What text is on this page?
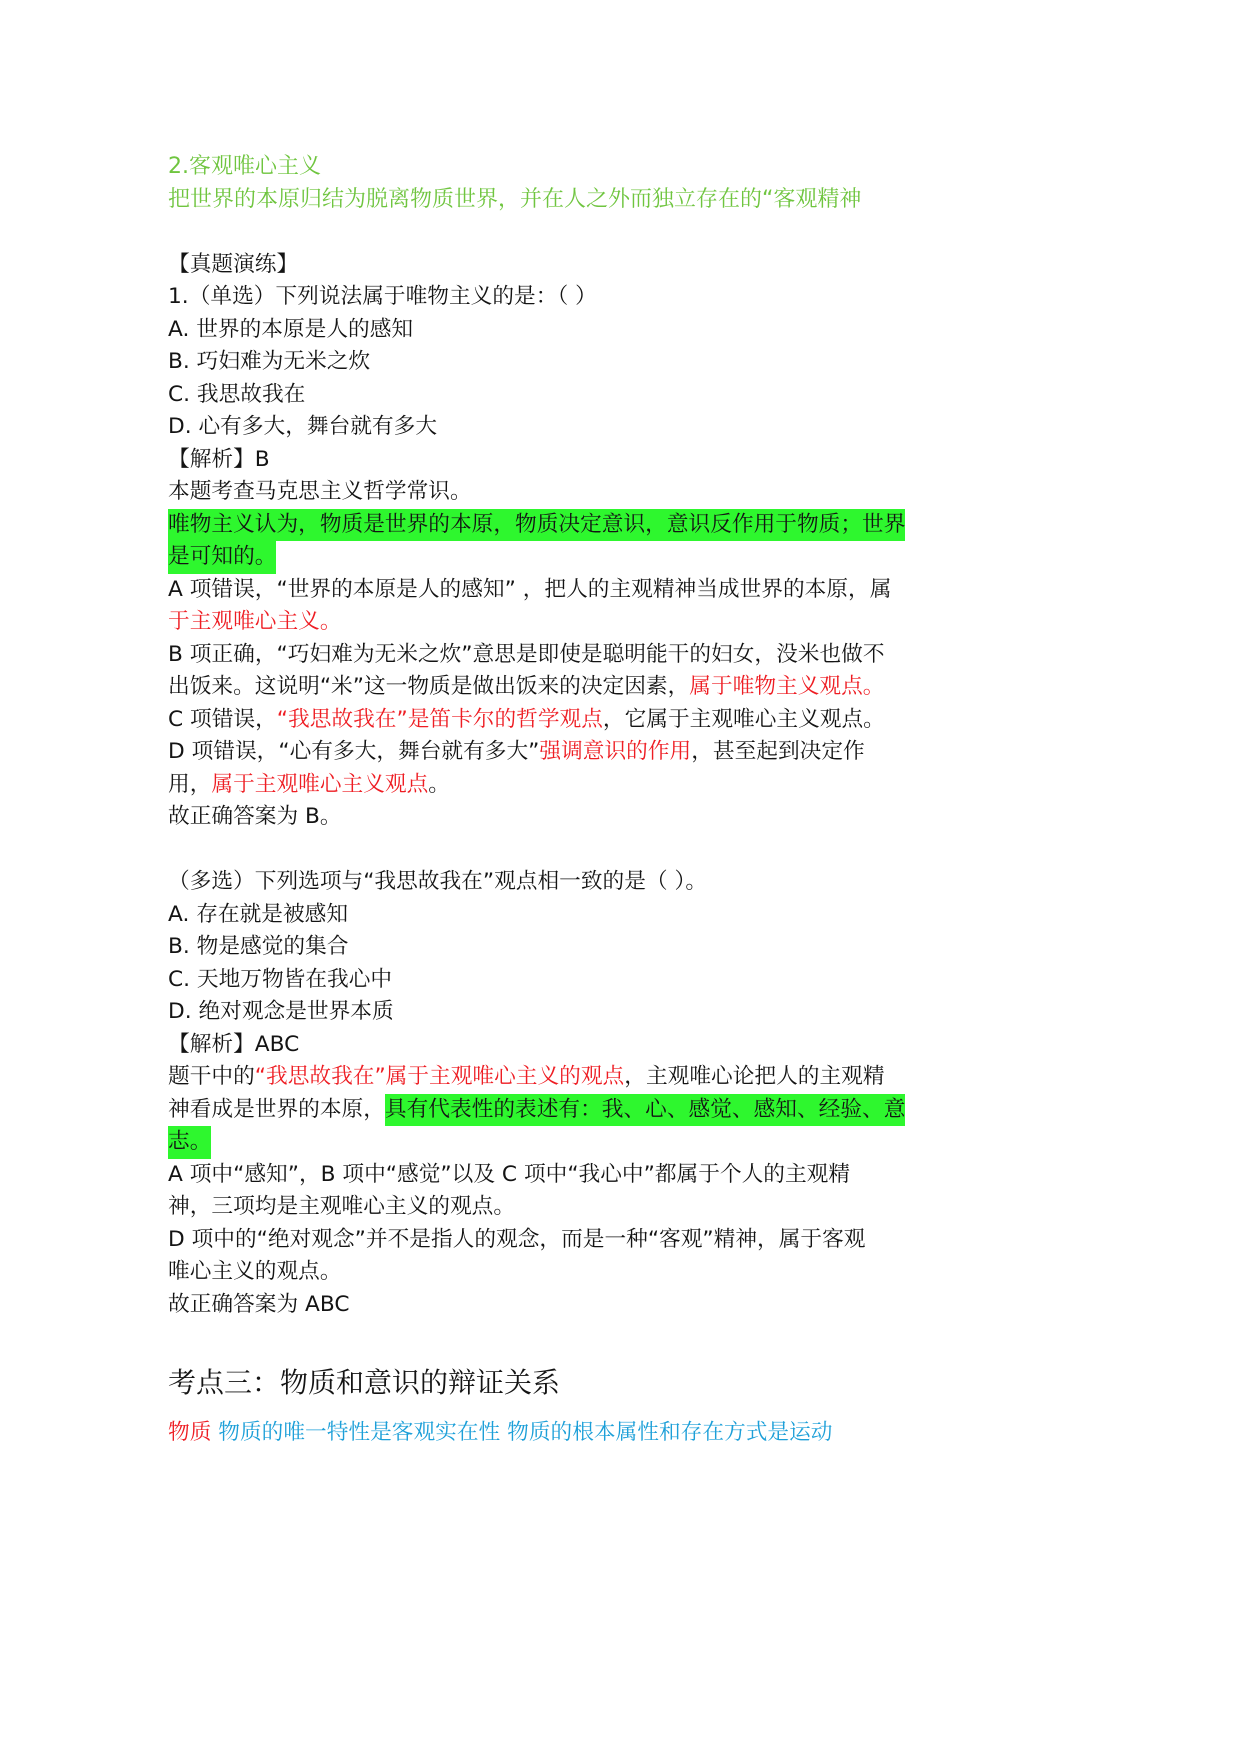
2.客观唯心主义
把世界的本原归结为脱离物质世界，并在人之外而独立存在的“客观精神
【真题演练】
1.（单选）下列说法属于唯物主义的是：（ ）
A. 世界的本原是人的感知
B. 巧妇难为无米之炊
C. 我思故我在
D. 心有多大，舞台就有多大
【解析】B
本题考查马克思主义哲学常识。
唯物主义认为，物质是世界的本原，物质决定意识，意识反作用于物质；世界
是可知的。
A 项错误，“世界的本原是人的感知” ，把人的主观精神当成世界的本原，属
于主观唯心主义。
B 项正确，“巧妇难为无米之炊”意思是即使是聪明能干的妇女，没米也做不
出饭来。这说明“米”这一物质是做出饭来的决定因素，属于唯物主义观点。
C 项错误，“我思故我在”是笛卡尔的哲学观点，它属于主观唯心主义观点。
D 项错误，“心有多大，舞台就有多大”强调意识的作用，甚至起到决定作
用，属于主观唯心主义观点。
故正确答案为 B。
（多选）下列选项与“我思故我在”观点相一致的是（ ）。
A. 存在就是被感知
B. 物是感觉的集合
C. 天地万物皆在我心中
D. 绝对观念是世界本质
【解析】ABC
题干中的“我思故我在”属于主观唯心主义的观点，主观唯心论把人的主观精
神看成是世界的本原，具有代表性的表述有：我、心、感觉、感知、经验、意
志。
A 项中“感知”，B 项中“感觉”以及 C 项中“我心中”都属于个人的主观精
神，三项均是主观唯心主义的观点。
D 项中的“绝对观念”并不是指人的观念，而是一种“客观”精神，属于客观
唯心主义的观点。
故正确答案为 ABC
考点三：物质和意识的辩证关系
物质 物质的唯一特性是客观实在性 物质的根本属性和存在方式是运动
